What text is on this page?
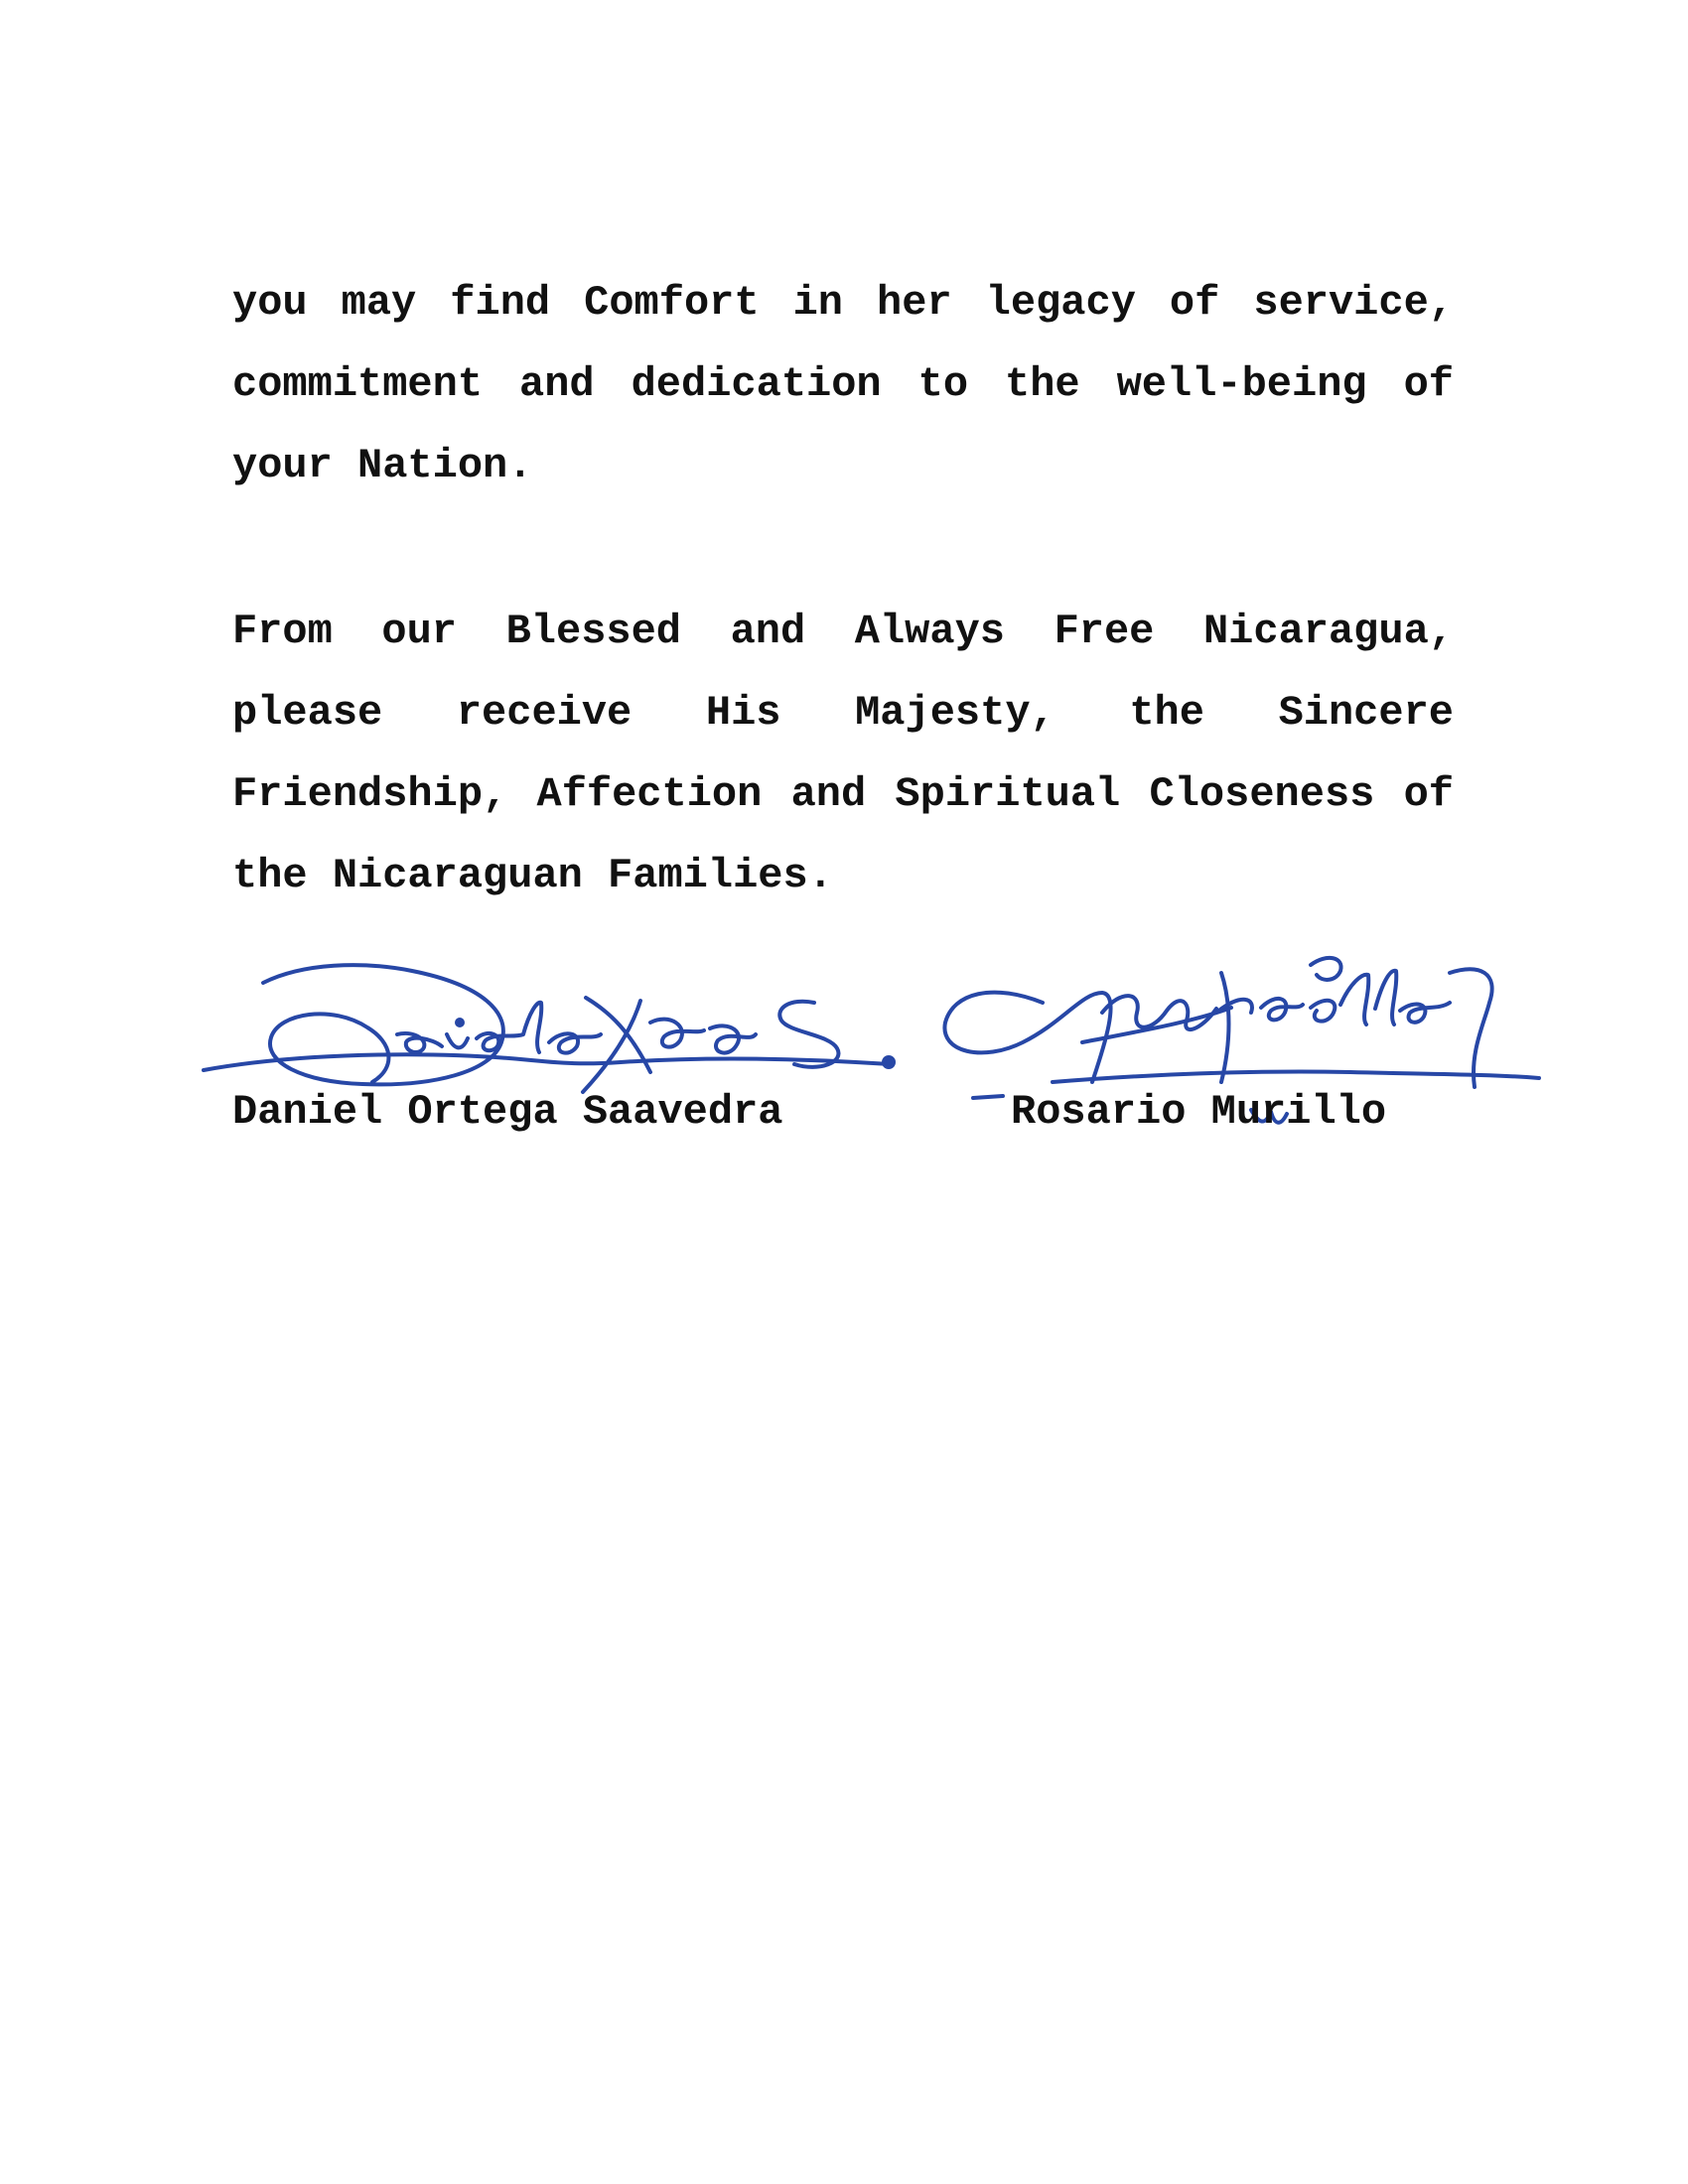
you may find Comfort in her legacy of service,
commitment and dedication to the well-being of
your Nation.
From our Blessed and Always Free Nicaragua,
please receive His Majesty, the Sincere
Friendship, Affection and Spiritual Closeness of
the Nicaraguan Families.
Daniel Ortega Saavedra	Rosario Murillo
